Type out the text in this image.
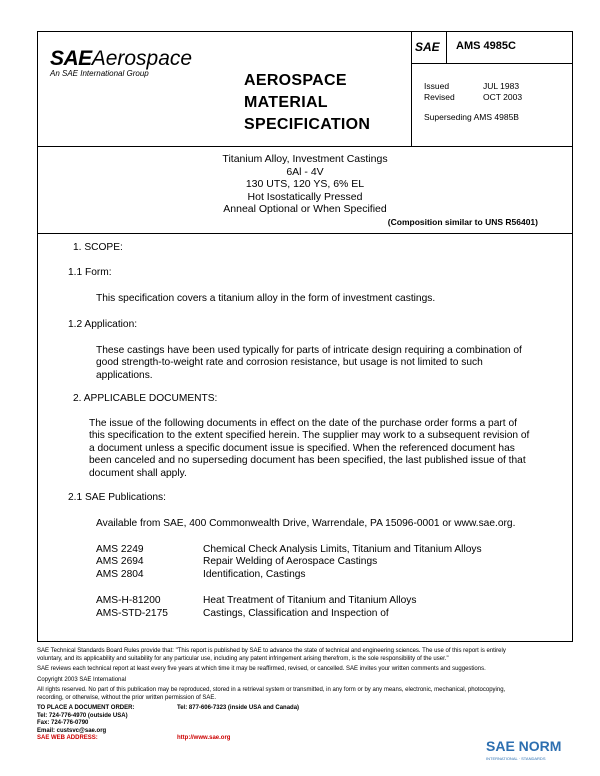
SAEAerospace
An SAE International Group	AEROSPACE
MATERIAL
SPECIFICATION
SAE AMS 4985C
Issued	JUL 1983
Revised	OCT 2003
Superseding AMS 4985B
Titanium Alloy, Investment Castings
6Al - 4V
130 UTS, 120 YS, 6% EL
Hot Isostatically Pressed
Anneal Optional or When Specified
(Composition similar to UNS R56401)
1. SCOPE:
1.1 Form:
This specification covers a titanium alloy in the form of investment castings.
1.2 Application:
These castings have been used typically for parts of intricate design requiring a combination of
good strength-to-weight rate and corrosion resistance, but usage is not limited to such
applications.
2. APPLICABLE DOCUMENTS:
The issue of the following documents in effect on the date of the purchase order forms a part of
this specification to the extent specified herein. The supplier may work to a subsequent revision of
a document unless a specific document issue is specified. When the referenced document has
been canceled and no superseding document has been specified, the last published issue of that
document shall apply.
2.1 SAE Publications:
Available from SAE, 400 Commonwealth Drive, Warrendale, PA 15096-0001 or www.sae.org.
AMS 2249	Chemical Check Analysis Limits, Titanium and Titanium Alloys
AMS 2694	Repair Welding of Aerospace Castings
AMS 2804	Identification, Castings
AMS-H-81200	Heat Treatment of Titanium and Titanium Alloys
AMS-STD-2175	Castings, Classification and Inspection of
SAE Technical Standards Board Rules provide that: "This report is published by SAE to advance the state of technical and engineering sciences. The use of this report is entirely
voluntary, and its applicability and suitability for any particular use, including any patent infringement arising therefrom, is the sole responsibility of the user."
SAE reviews each technical report at least every five years at which time it may be reaffirmed, revised, or cancelled. SAE invites your written comments and suggestions.
Copyright 2003 SAE International
All rights reserved. No part of this publication may be reproduced, stored in a retrieval system or transmitted, in any form or by any means, electronic, mechanical, photocopying,
recording, or otherwise, without the prior written permission of SAE.
TO PLACE A DOCUMENT ORDER:	Tel: 877-606-7323 (inside USA and Canada)
Tel: 724-776-4970 (outside USA)
Fax: 724-776-0790
Email: custsvc@sae.org
SAE WEB ADDRESS:	http://www.sae.org	SAE NORM
INTERNATIONAL · STANDARDS
